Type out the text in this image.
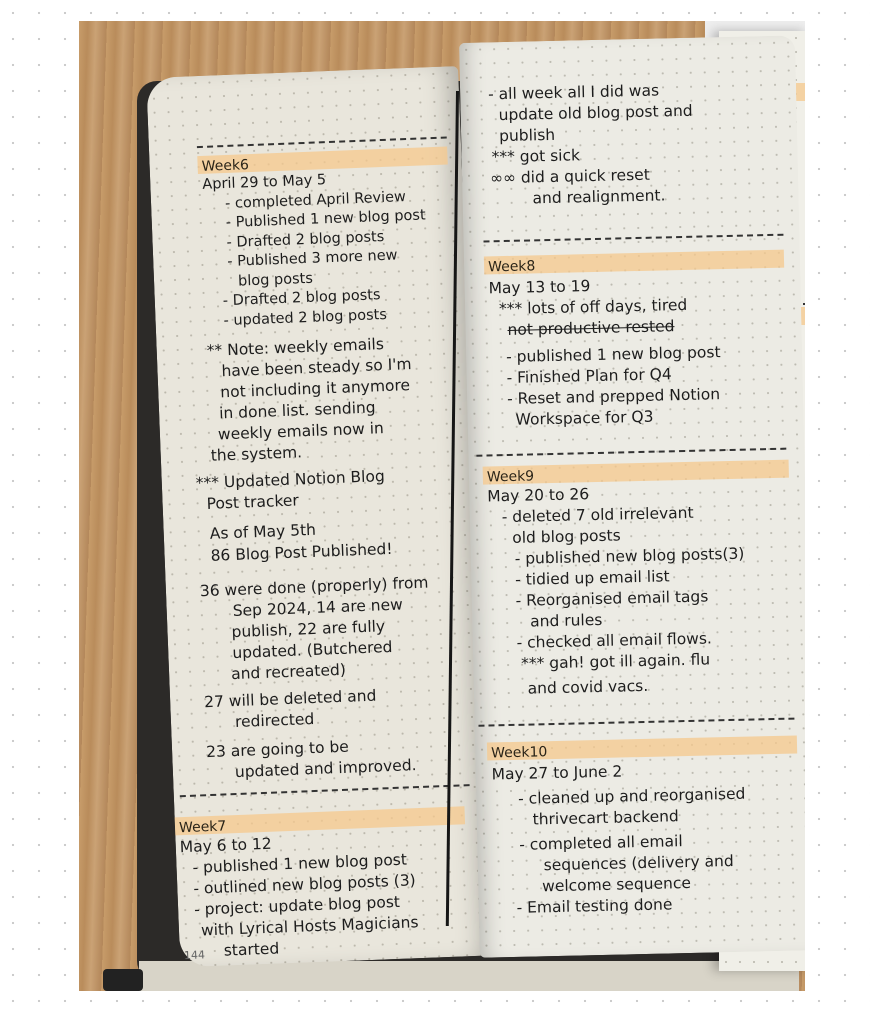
Week6
April 29 to May 5
- completed April Review
- Published 1 new blog post
- Drafted 2 blog posts
- Published 3 more new
blog posts
- Drafted 2 blog posts
- updated 2 blog posts
** Note: weekly emails
have been steady so I'm
not including it anymore
in done list. sending
weekly emails now in
the system.
*** Updated Notion Blog
Post tracker
As of May 5th
86 Blog Post Published!
36 were done (properly) from
Sep 2024, 14 are new
publish, 22 are fully
updated. (Butchered
and recreated)
27 will be deleted and
redirected
23 are going to be
updated and improved.
Week7
May 6 to 12
- published 1 new blog post
- outlined new blog posts (3)
- project: update blog post
with Lyrical Hosts Magicians
started
144
- all week all I did was
update old blog post and
publish
*** got sick
∞∞ did a quick reset
and realignment.
Week8
May 13 to 19
*** lots of off days, tired
not productive rested
- published 1 new blog post
- Finished Plan for Q4
- Reset and prepped Notion
Workspace for Q3
Week9
May 20 to 26
- deleted 7 old irrelevant
old blog posts
- published new blog posts(3)
- tidied up email list
- Reorganised email tags
and rules
- checked all email flows.
*** gah! got ill again. flu
and covid vacs.
Week10
May 27 to June 2
- cleaned up and reorganised
thrivecart backend
- completed all email
sequences (delivery and
welcome sequence
- Email testing done
